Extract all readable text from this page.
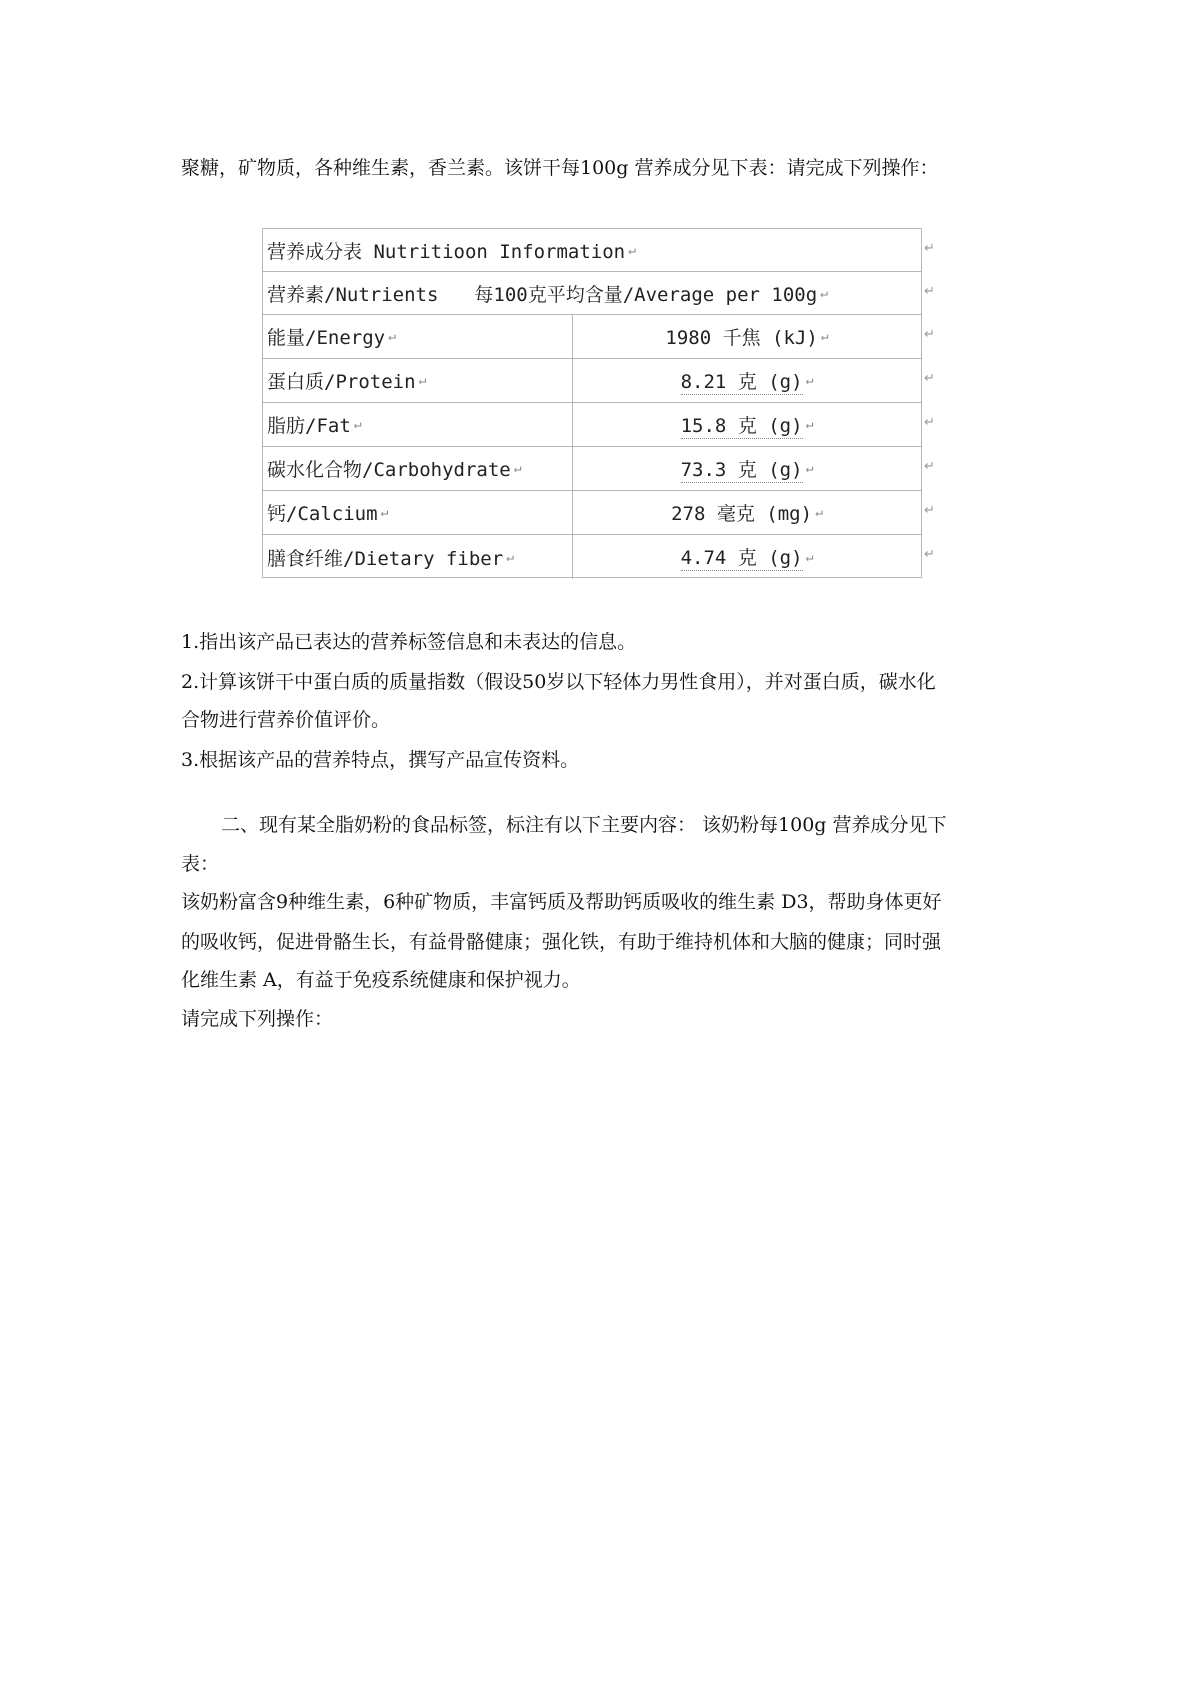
聚糖，矿物质，各种维生素，香兰素。该饼干每100g 营养成分见下表：请完成下列操作：
营养成分表 Nutritioon Information ↵
营养素/Nutrients 每100克平均含量/Average per 100g ↵
能量/Energy ↵	1980 千焦 (kJ) ↵
蛋白质/Protein ↵	8.21 克 (g) ↵
脂肪/Fat ↵	15.8 克 (g) ↵
碳水化合物/Carbohydrate ↵	73.3 克 (g) ↵
钙/Calcium ↵	278 毫克 (mg) ↵
膳食纤维/Dietary fiber ↵	4.74 克 (g) ↵
↵
↵
↵
↵
↵
↵
↵
↵
1.指出该产品已表达的营养标签信息和未表达的信息。
2.计算该饼干中蛋白质的质量指数（假设50岁以下轻体力男性食用），并对蛋白质，碳水化
合物进行营养价值评价。
3.根据该产品的营养特点，撰写产品宣传资料。
二、现有某全脂奶粉的食品标签，标注有以下主要内容： 该奶粉每100g 营养成分见下
表：
该奶粉富含9种维生素，6种矿物质，丰富钙质及帮助钙质吸收的维生素 D3，帮助身体更好
的吸收钙，促进骨骼生长，有益骨骼健康；强化铁，有助于维持机体和大脑的健康；同时强
化维生素 A，有益于免疫系统健康和保护视力。
请完成下列操作：
